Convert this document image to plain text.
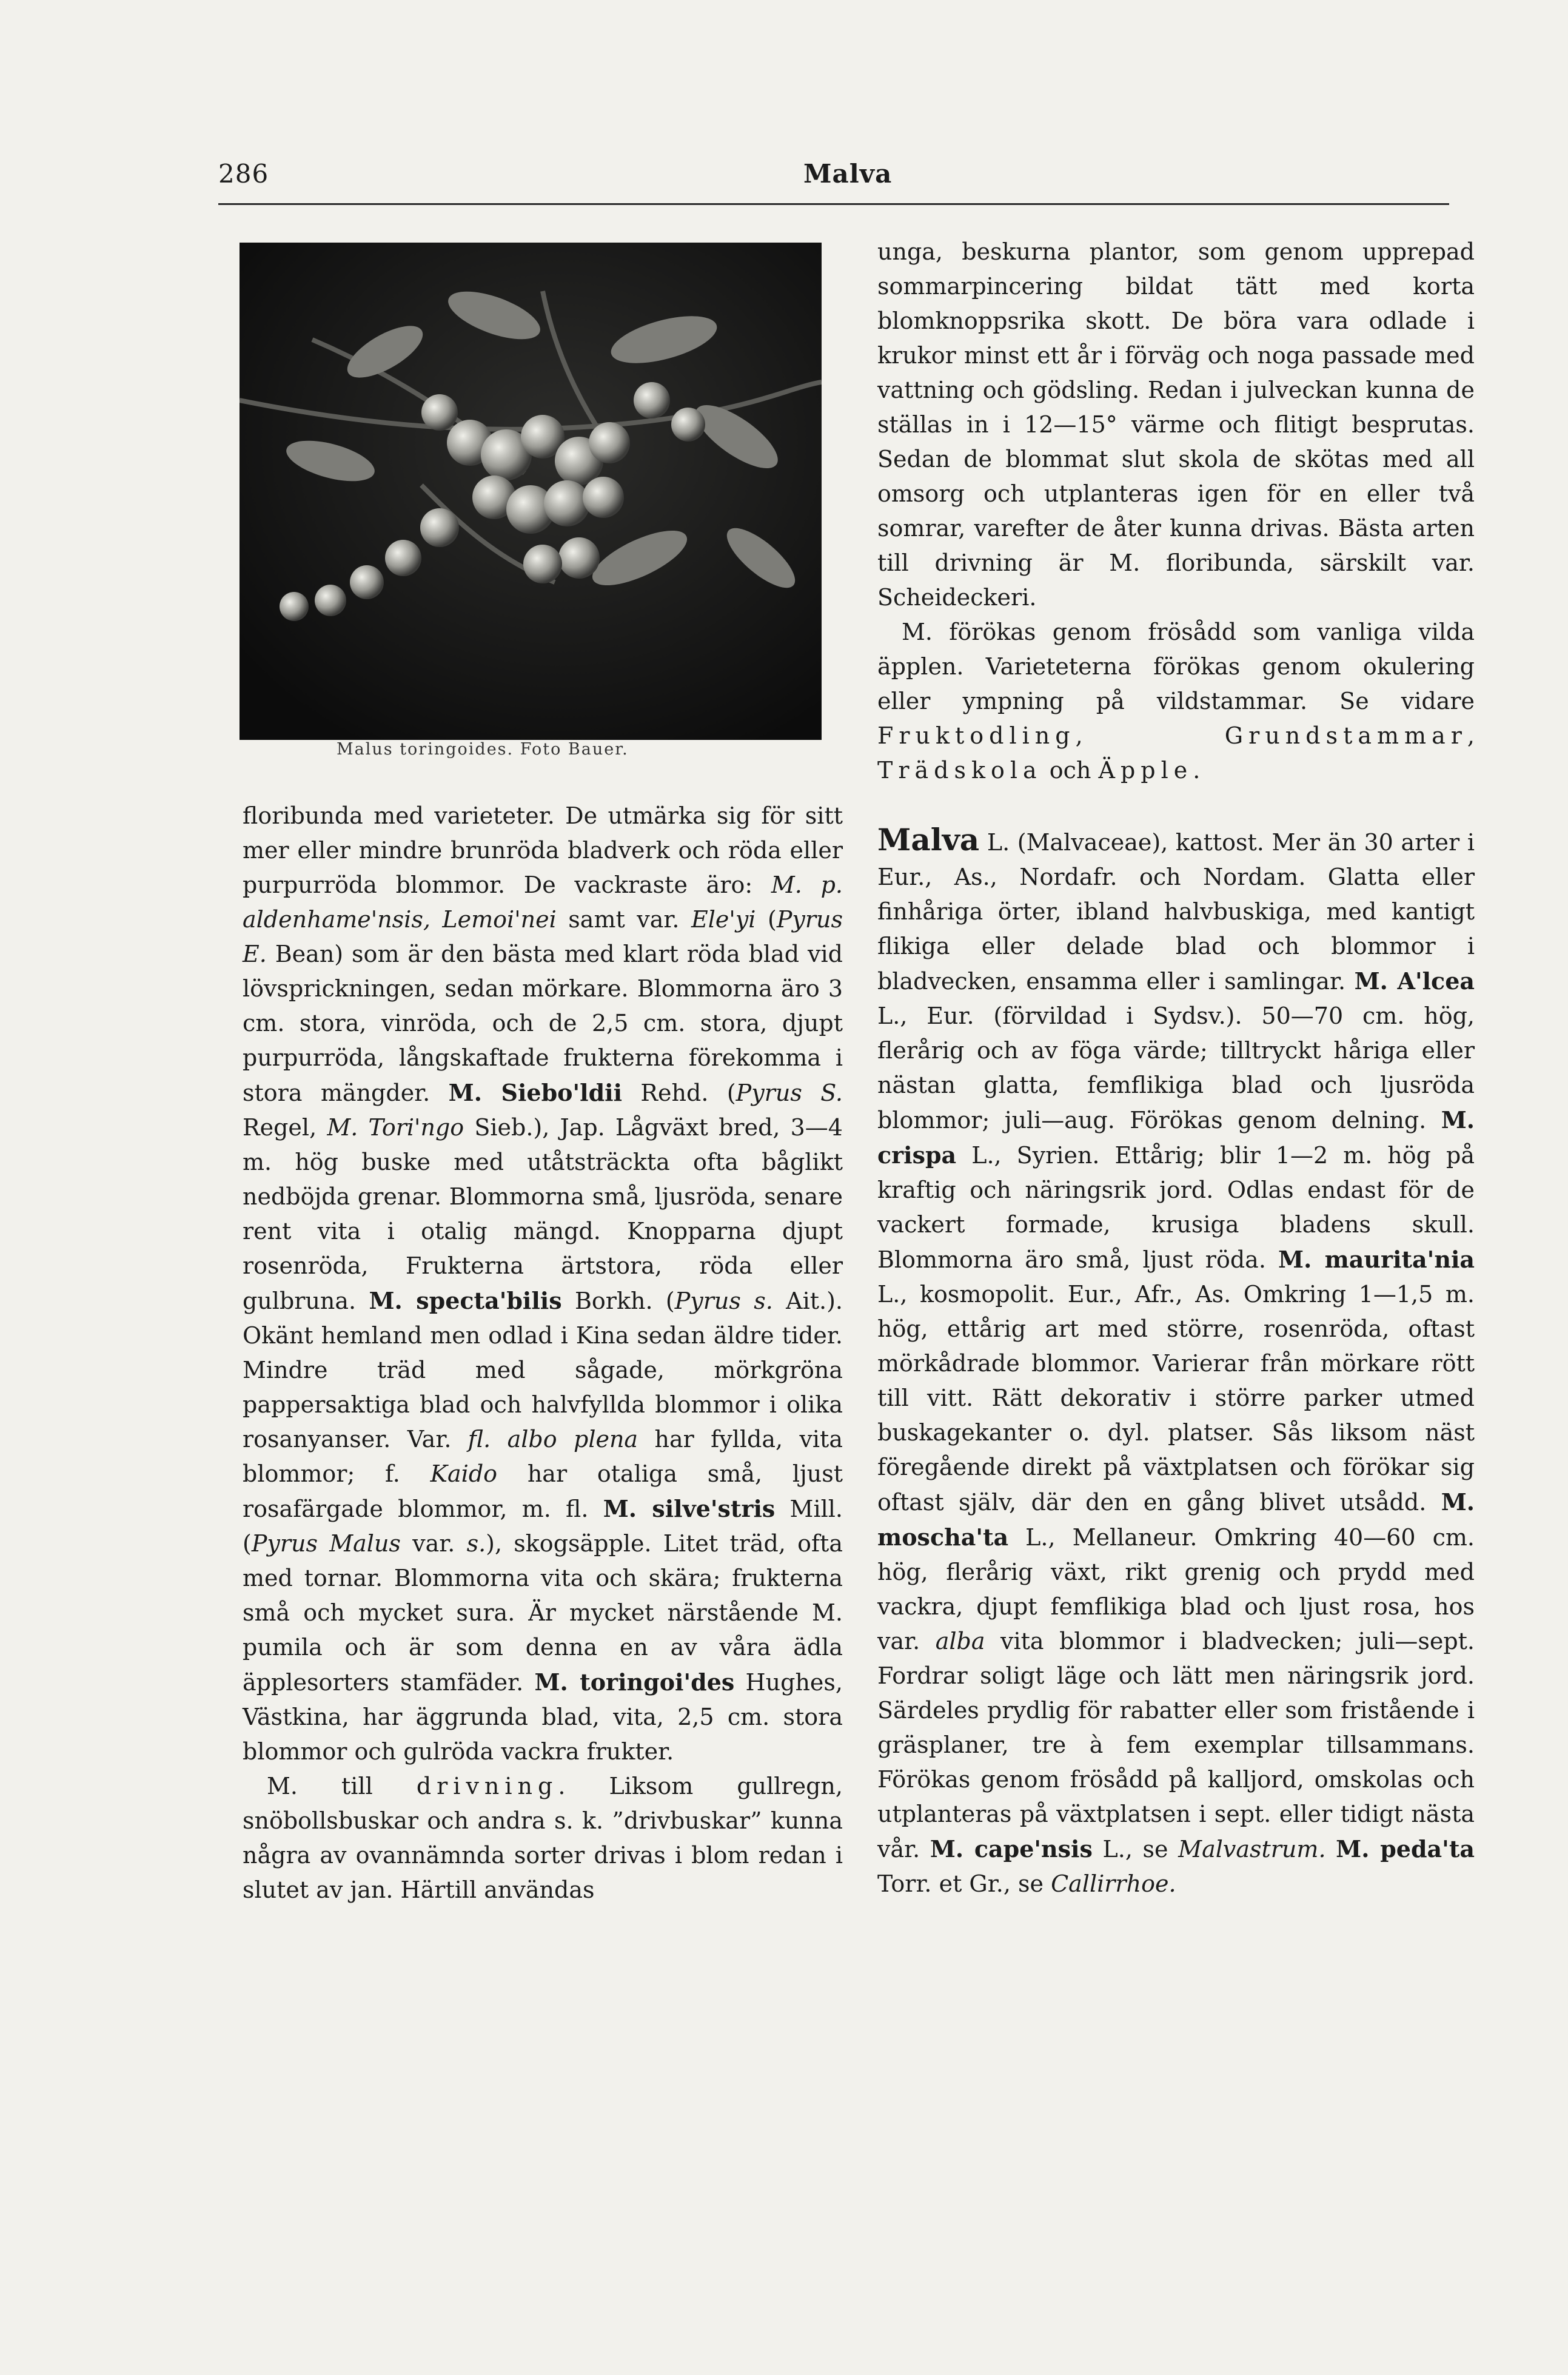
286	Malva
Malus toringoides. Foto Bauer.

floribunda med varieteter. De utmärka sig för sitt mer eller mindre brunröda bladverk och röda eller purpurröda blommor. De vackraste äro: M. p. aldenhame'nsis, Lemoi'nei samt var. Ele'yi (Pyrus E. Bean) som är den bästa med klart röda blad vid lövsprickningen, sedan mörkare. Blommorna äro 3 cm. stora, vinröda, och de 2,5 cm. stora, djupt purpurröda, långskaftade frukterna förekomma i stora mängder. M. Siebo'ldii Rehd. (Pyrus S. Regel, M. Tori'ngo Sieb.), Jap. Lågväxt bred, 3—4 m. hög buske med utåtsträckta ofta båglikt nedböjda grenar. Blommorna små, ljusröda, senare rent vita i otalig mängd. Knopparna djupt rosenröda, Frukterna ärtstora, röda eller gulbruna. M. specta'bilis Borkh. (Pyrus s. Ait.). Okänt hemland men odlad i Kina sedan äldre tider. Mindre träd med sågade, mörkgröna pappersaktiga blad och halvfyllda blommor i olika rosanyanser. Var. fl. albo plena har fyllda, vita blommor; f. Kaido har otaliga små, ljust rosafärgade blommor, m. fl. M. silve'stris Mill. (Pyrus Malus var. s.), skogsäpple. Litet träd, ofta med tornar. Blommorna vita och skära; frukterna små och mycket sura. Är mycket närstående M. pumila och är som denna en av våra ädla äpplesorters stamfäder. M. toringoi'des Hughes, Västkina, har äggrunda blad, vita, 2,5 cm. stora blommor och gulröda vackra frukter.

M. till drivning. Liksom gullregn, snöbollsbuskar och andra s. k. ”drivbuskar” kunna några av ovannämnda sorter drivas i blom redan i slutet av jan. Härtill användas

unga, beskurna plantor, som genom upprepad sommarpincering bildat tätt med korta blomknoppsrika skott. De böra vara odlade i krukor minst ett år i förväg och noga passade med vattning och gödsling. Redan i julveckan kunna de ställas in i 12—15° värme och flitigt besprutas. Sedan de blommat slut skola de skötas med all omsorg och utplanteras igen för en eller två somrar, varefter de åter kunna drivas. Bästa arten till drivning är M. floribunda, särskilt var. Scheideckeri.

M. förökas genom frösådd som vanliga vilda äpplen. Varieteterna förökas genom okulering eller ympning på vildstammar. Se vidare Fruktodling, Grundstammar, Trädskola och Äpple.

Malva L. (Malvaceae), kattost. Mer än 30 arter i Eur., As., Nordafr. och Nordam. Glatta eller finhåriga örter, ibland halvbuskiga, med kantigt flikiga eller delade blad och blommor i bladvecken, ensamma eller i samlingar. M. A'lcea L., Eur. (förvildad i Sydsv.). 50—70 cm. hög, flerårig och av föga värde; tilltryckt håriga eller nästan glatta, femflikiga blad och ljusröda blommor; juli—aug. Förökas genom delning. M. crispa L., Syrien. Ettårig; blir 1—2 m. hög på kraftig och näringsrik jord. Odlas endast för de vackert formade, krusiga bladens skull. Blommorna äro små, ljust röda. M. maurita'nia L., kosmopolit. Eur., Afr., As. Omkring 1—1,5 m. hög, ettårig art med större, rosenröda, oftast mörkådrade blommor. Varierar från mörkare rött till vitt. Rätt dekorativ i större parker utmed buskagekanter o. dyl. platser. Sås liksom näst föregående direkt på växtplatsen och förökar sig oftast själv, där den en gång blivet utsådd. M. moscha'ta L., Mellaneur. Omkring 40—60 cm. hög, flerårig växt, rikt grenig och prydd med vackra, djupt femflikiga blad och ljust rosa, hos var. alba vita blommor i bladvecken; juli—sept. Fordrar soligt läge och lätt men näringsrik jord. Särdeles prydlig för rabatter eller som fristående i gräsplaner, tre à fem exemplar tillsammans. Förökas genom frösådd på kalljord, omskolas och utplanteras på växtplatsen i sept. eller tidigt nästa vår. M. cape'nsis L., se Malvastrum. M. peda'ta Torr. et Gr., se Callirrhoe.
